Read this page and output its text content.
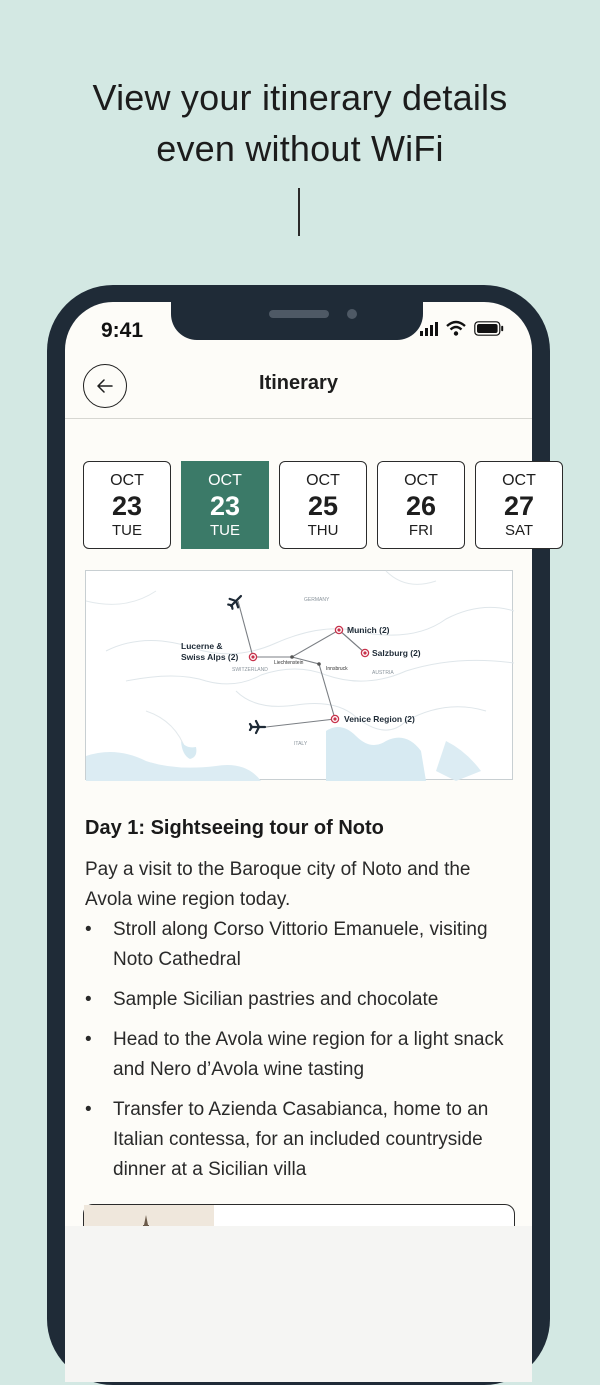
View your itinerary details
even without WiFi
9:41
Itinerary
OCT
23
TUE
OCT
23
TUE
OCT
25
THU
OCT
26
FRI
OCT
27
SAT
Lucerne &
Swiss Alps (2)
Munich (2)
Salzburg (2)
Venice Region (2)
Liechtenstein
Innsbruck
GERMANY
SWITZERLAND	AUSTRIA
ITALY
Day 1: Sightseeing tour of Noto
Pay a visit to the Baroque city of Noto and the Avola wine region today.
• Stroll along Corso Vittorio Emanuele, visiting Noto Cathedral
• Sample Sicilian pastries and chocolate
• Head to the Avola wine region for a light snack and Nero d’Avola wine tasting
• Transfer to Azienda Casabianca, home to an Italian contessa, for an included countryside dinner at a Sicilian villa
